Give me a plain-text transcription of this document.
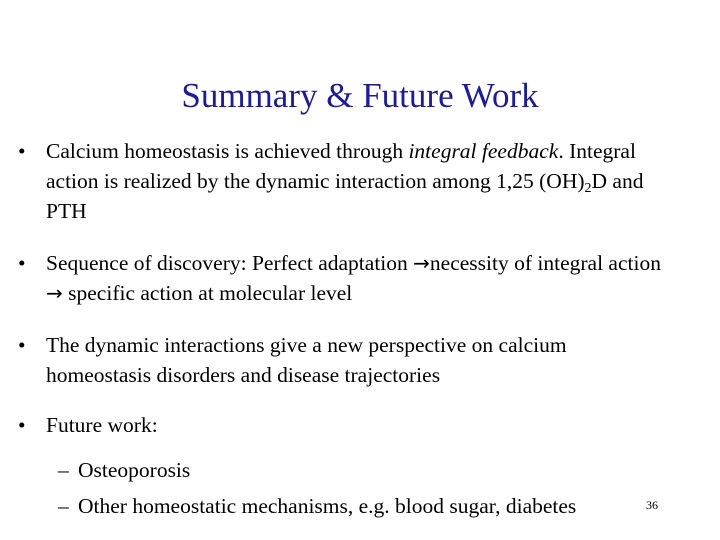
Summary & Future Work
• Calcium homeostasis is achieved through integral feedback. Integral action is realized by the dynamic interaction among 1,25 $(OH)_2D$ and PTH
• Sequence of discovery: Perfect adaptation →necessity of integral action → specific action at molecular level
• The dynamic interactions give a new perspective on calcium homeostasis disorders and disease trajectories
• Future work:
– Osteoporosis
– Other homeostatic mechanisms, e.g. blood sugar, diabetes	36
